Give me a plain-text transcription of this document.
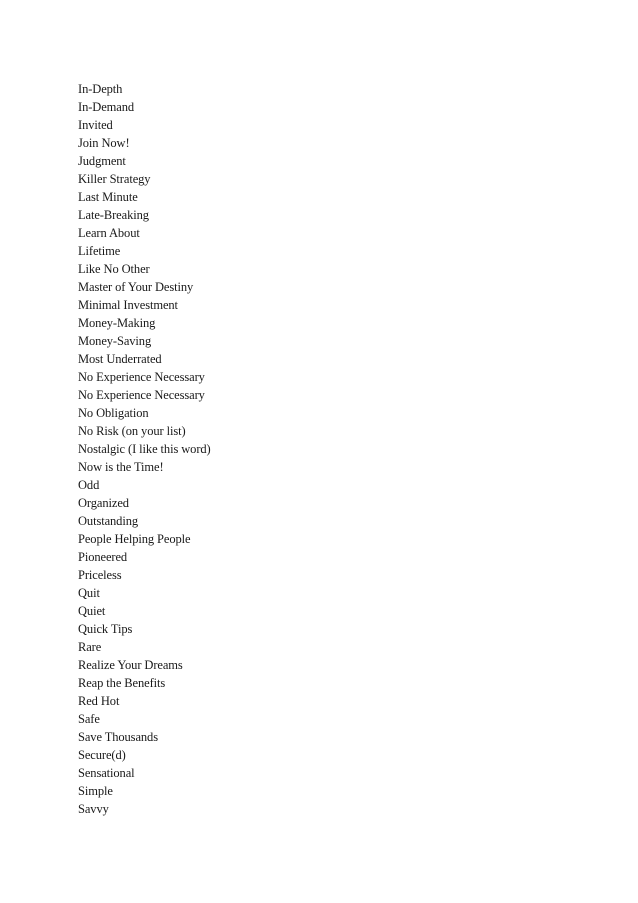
In-Depth
In-Demand
Invited
Join Now!
Judgment
Killer Strategy
Last Minute
Late-Breaking
Learn About
Lifetime
Like No Other
Master of Your Destiny
Minimal Investment
Money-Making
Money-Saving
Most Underrated
No Experience Necessary
No Experience Necessary
No Obligation
No Risk (on your list)
Nostalgic (I like this word)
Now is the Time!
Odd
Organized
Outstanding
People Helping People
Pioneered
Priceless
Quit
Quiet
Quick Tips
Rare
Realize Your Dreams
Reap the Benefits
Red Hot
Safe
Save Thousands
Secure(d)
Sensational
Simple
Savvy
